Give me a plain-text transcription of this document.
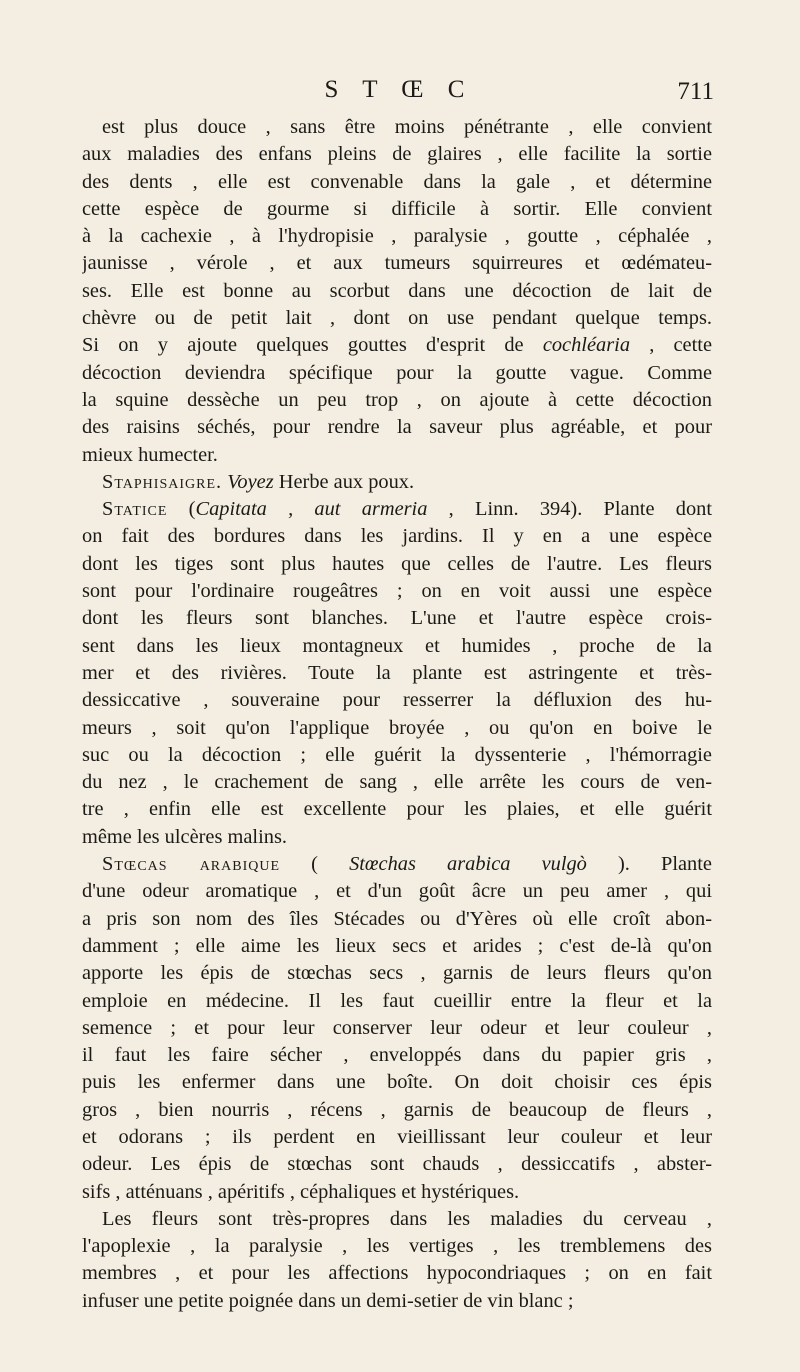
S T Œ C	711
est plus douce , sans être moins pénétrante , elle convient
aux maladies des enfans pleins de glaires , elle facilite la sortie
des dents , elle est convenable dans la gale , et détermine
cette espèce de gourme si difficile à sortir. Elle convient
à la cachexie , à l'hydropisie , paralysie , goutte , céphalée ,
jaunisse , vérole , et aux tumeurs squirreures et œdémateu-
ses. Elle est bonne au scorbut dans une décoction de lait de
chèvre ou de petit lait , dont on use pendant quelque temps.
Si on y ajoute quelques gouttes d'esprit de cochléaria , cette
décoction deviendra spécifique pour la goutte vague. Comme
la squine dessèche un peu trop , on ajoute à cette décoction
des raisins séchés, pour rendre la saveur plus agréable, et pour
mieux humecter.
Staphisaigre. Voyez Herbe aux poux.
Statice (Capitata , aut armeria , Linn. 394). Plante dont
on fait des bordures dans les jardins. Il y en a une espèce
dont les tiges sont plus hautes que celles de l'autre. Les fleurs
sont pour l'ordinaire rougeâtres ; on en voit aussi une espèce
dont les fleurs sont blanches. L'une et l'autre espèce crois-
sent dans les lieux montagneux et humides , proche de la
mer et des rivières. Toute la plante est astringente et très-
dessiccative , souveraine pour resserrer la défluxion des hu-
meurs , soit qu'on l'applique broyée , ou qu'on en boive le
suc ou la décoction ; elle guérit la dyssenterie , l'hémorragie
du nez , le crachement de sang , elle arrête les cours de ven-
tre , enfin elle est excellente pour les plaies, et elle guérit
même les ulcères malins.
Stœcas arabique ( Stœchas arabica vulgò ). Plante
d'une odeur aromatique , et d'un goût âcre un peu amer , qui
a pris son nom des îles Stécades ou d'Yères où elle croît abon-
damment ; elle aime les lieux secs et arides ; c'est de-là qu'on
apporte les épis de stœchas secs , garnis de leurs fleurs qu'on
emploie en médecine. Il les faut cueillir entre la fleur et la
semence ; et pour leur conserver leur odeur et leur couleur ,
il faut les faire sécher , enveloppés dans du papier gris ,
puis les enfermer dans une boîte. On doit choisir ces épis
gros , bien nourris , récens , garnis de beaucoup de fleurs ,
et odorans ; ils perdent en vieillissant leur couleur et leur
odeur. Les épis de stœchas sont chauds , dessiccatifs , abster-
sifs , atténuans , apéritifs , céphaliques et hystériques.
Les fleurs sont très-propres dans les maladies du cerveau ,
l'apoplexie , la paralysie , les vertiges , les tremblemens des
membres , et pour les affections hypocondriaques ; on en fait
infuser une petite poignée dans un demi-setier de vin blanc ;
